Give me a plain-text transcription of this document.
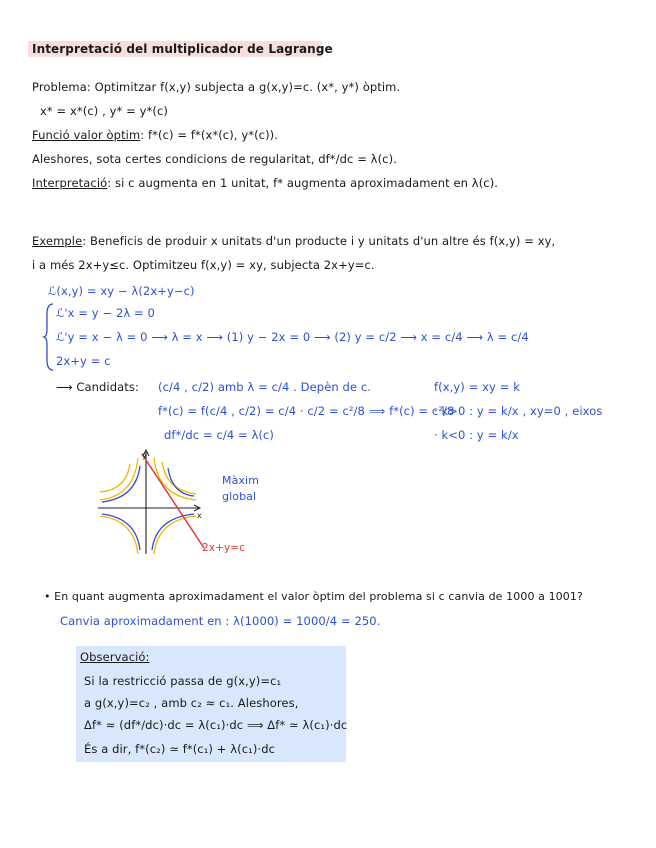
Interpretació del multiplicador de Lagrange
Problema: Optimitzar f(x,y) subjecta a g(x,y)=c. (x*, y*) òptim.
x* = x*(c) , y* = y*(c)
Funció valor òptim: f*(c) = f*(x*(c), y*(c)).
Aleshores, sota certes condicions de regularitat, df*/dc = λ(c).
Interpretació: si c augmenta en 1 unitat, f* augmenta aproximadament en λ(c).
Exemple: Beneficis de produir x unitats d'un producte i y unitats d'un altre és f(x,y) = xy,
i a més 2x+y≤c. Optimitzeu f(x,y) = xy, subjecta 2x+y=c.
ℒ(x,y) = xy − λ(2x+y−c)
ℒ'x = y − 2λ = 0
ℒ'y = x − λ = 0 ⟶ λ = x ⟶ (1) y − 2x = 0 ⟶ (2) y = c/2 ⟶ x = c/4 ⟶ λ = c/4
2x+y = c
⟶ Candidats: (c/4 , c/2) amb λ = c/4 . Depèn de c.
f*(c) = f(c/4 , c/2) = c/4 · c/2 = c²/8 ⟹ f*(c) = c²/8
df*/dc = c/4 = λ(c)
f(x,y) = xy = k
· k>0 : y = k/x , xy=0 , eixos
· k<0 : y = k/x
y
x
Màxim
global
2x+y=c
• En quant augmenta aproximadament el valor òptim del problema si c canvia de 1000 a 1001?
Canvia aproximadament en : λ(1000) = 1000/4 = 250.
Observació:
Si la restricció passa de g(x,y)=c₁
a g(x,y)=c₂ , amb c₂ ≈ c₁. Aleshores,
Δf* ≈ (df*/dc)·dc = λ(c₁)·dc ⟹ Δf* ≃ λ(c₁)·dc
És a dir, f*(c₂) ≃ f*(c₁) + λ(c₁)·dc
